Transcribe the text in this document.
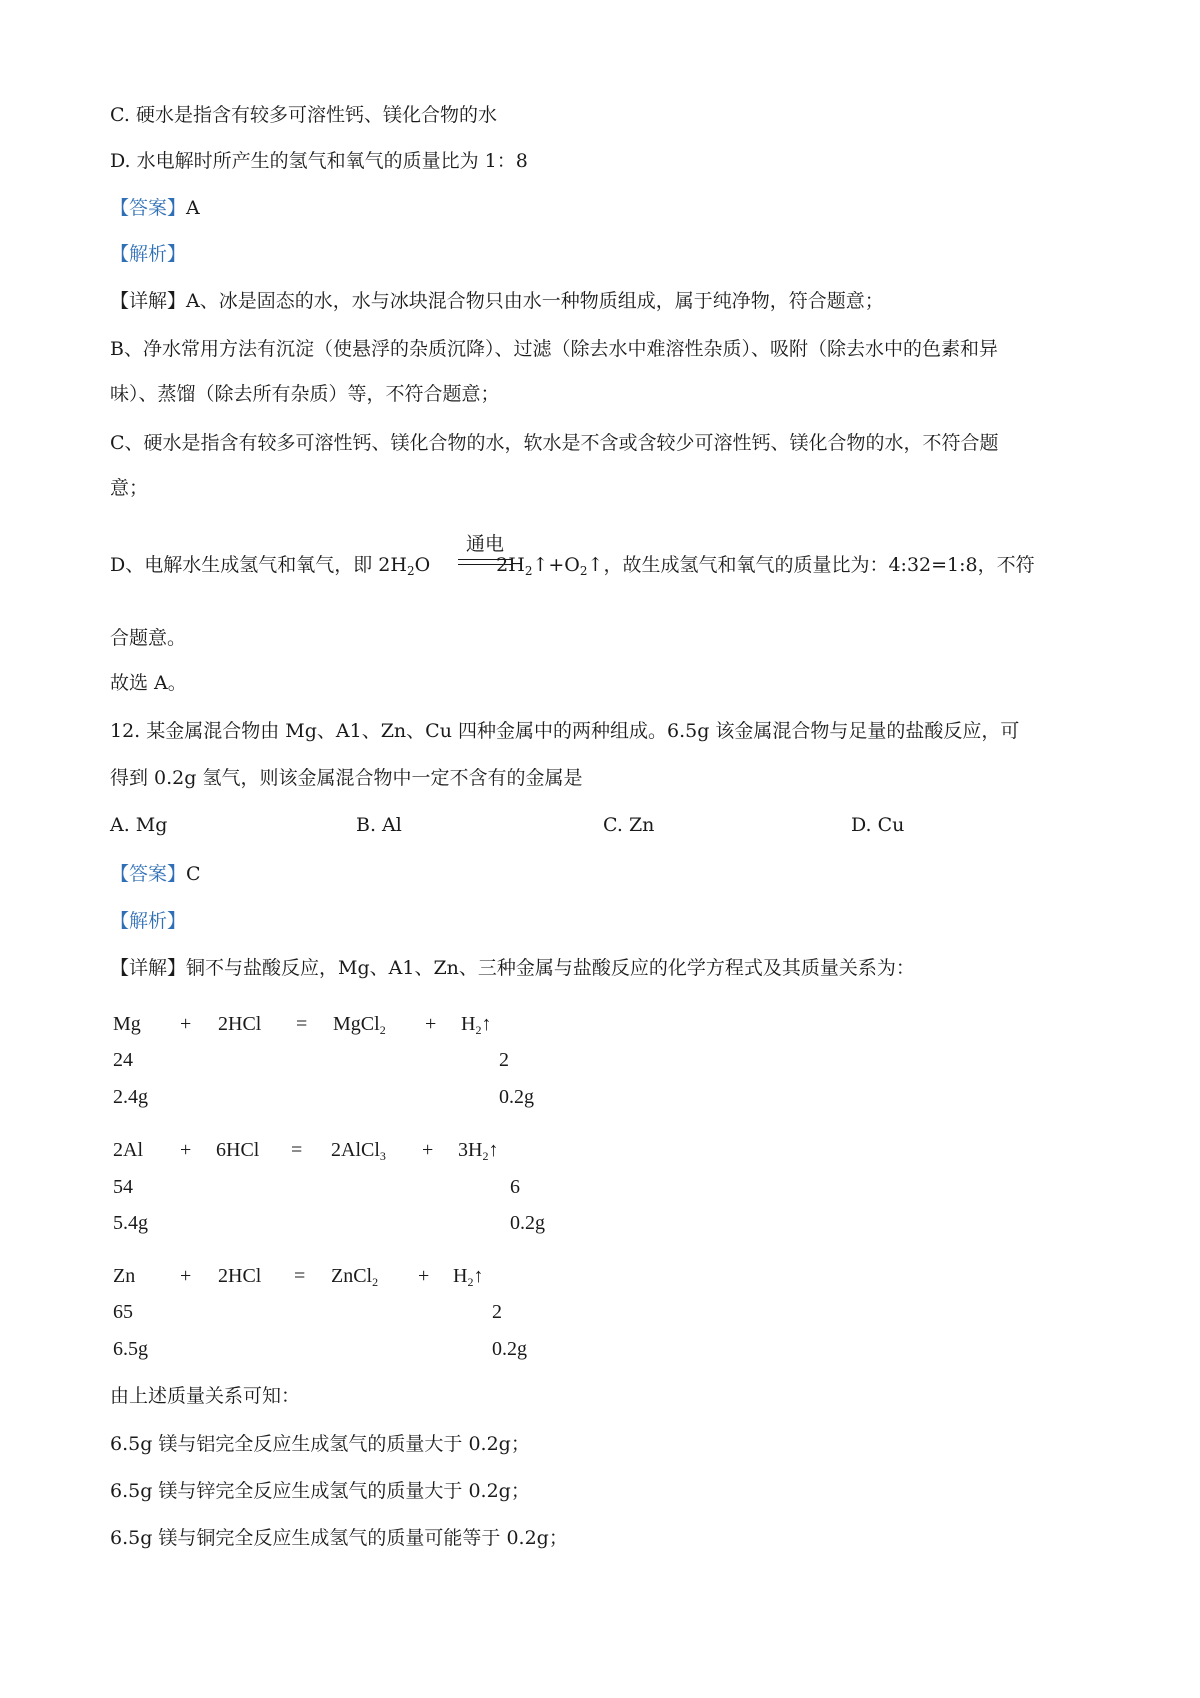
C. 硬水是指含有较多可溶性钙、镁化合物的水
D. 水电解时所产生的氢气和氧气的质量比为 1：8
【答案】A
【解析】
【详解】A、冰是固态的水，水与冰块混合物只由水一种物质组成，属于纯净物，符合题意；
B、净水常用方法有沉淀（使悬浮的杂质沉降）、过滤（除去水中难溶性杂质）、吸附（除去水中的色素和异
味）、蒸馏（除去所有杂质）等，不符合题意；
C、硬水是指含有较多可溶性钙、镁化合物的水，软水是不含或含较少可溶性钙、镁化合物的水，不符合题
意；
通电
D、电解水生成氢气和氧气，即 $2H_2O$	$2H_2↑+O_2↑$，故生成氢气和氧气的质量比为：4:32=1:8，不符
合题意。
故选 A。
12. 某金属混合物由 Mg、A1、Zn、Cu 四种金属中的两种组成。6.5g 该金属混合物与足量的盐酸反应，可
得到 0.2g 氢气，则该金属混合物中一定不含有的金属是
A. Mg	B. Al	C. Zn	D. Cu
【答案】C
【解析】
【详解】铜不与盐酸反应，Mg、A1、Zn、三种金属与盐酸反应的化学方程式及其质量关系为：
Mg + 2HCl = MgCl$_2$ + $H_2↑$
24	2
2.4g	0.2g
2Al + 6HCl = 2AlCl$_3$ + $3H_2↑$
54	6
5.4g	0.2g
Zn + 2HCl = ZnCl$_2$ + $H_2↑$
65	2
6.5g	0.2g
由上述质量关系可知：
6.5g 镁与铝完全反应生成氢气的质量大于 0.2g；
6.5g 镁与锌完全反应生成氢气的质量大于 0.2g；
6.5g 镁与铜完全反应生成氢气的质量可能等于 0.2g；
